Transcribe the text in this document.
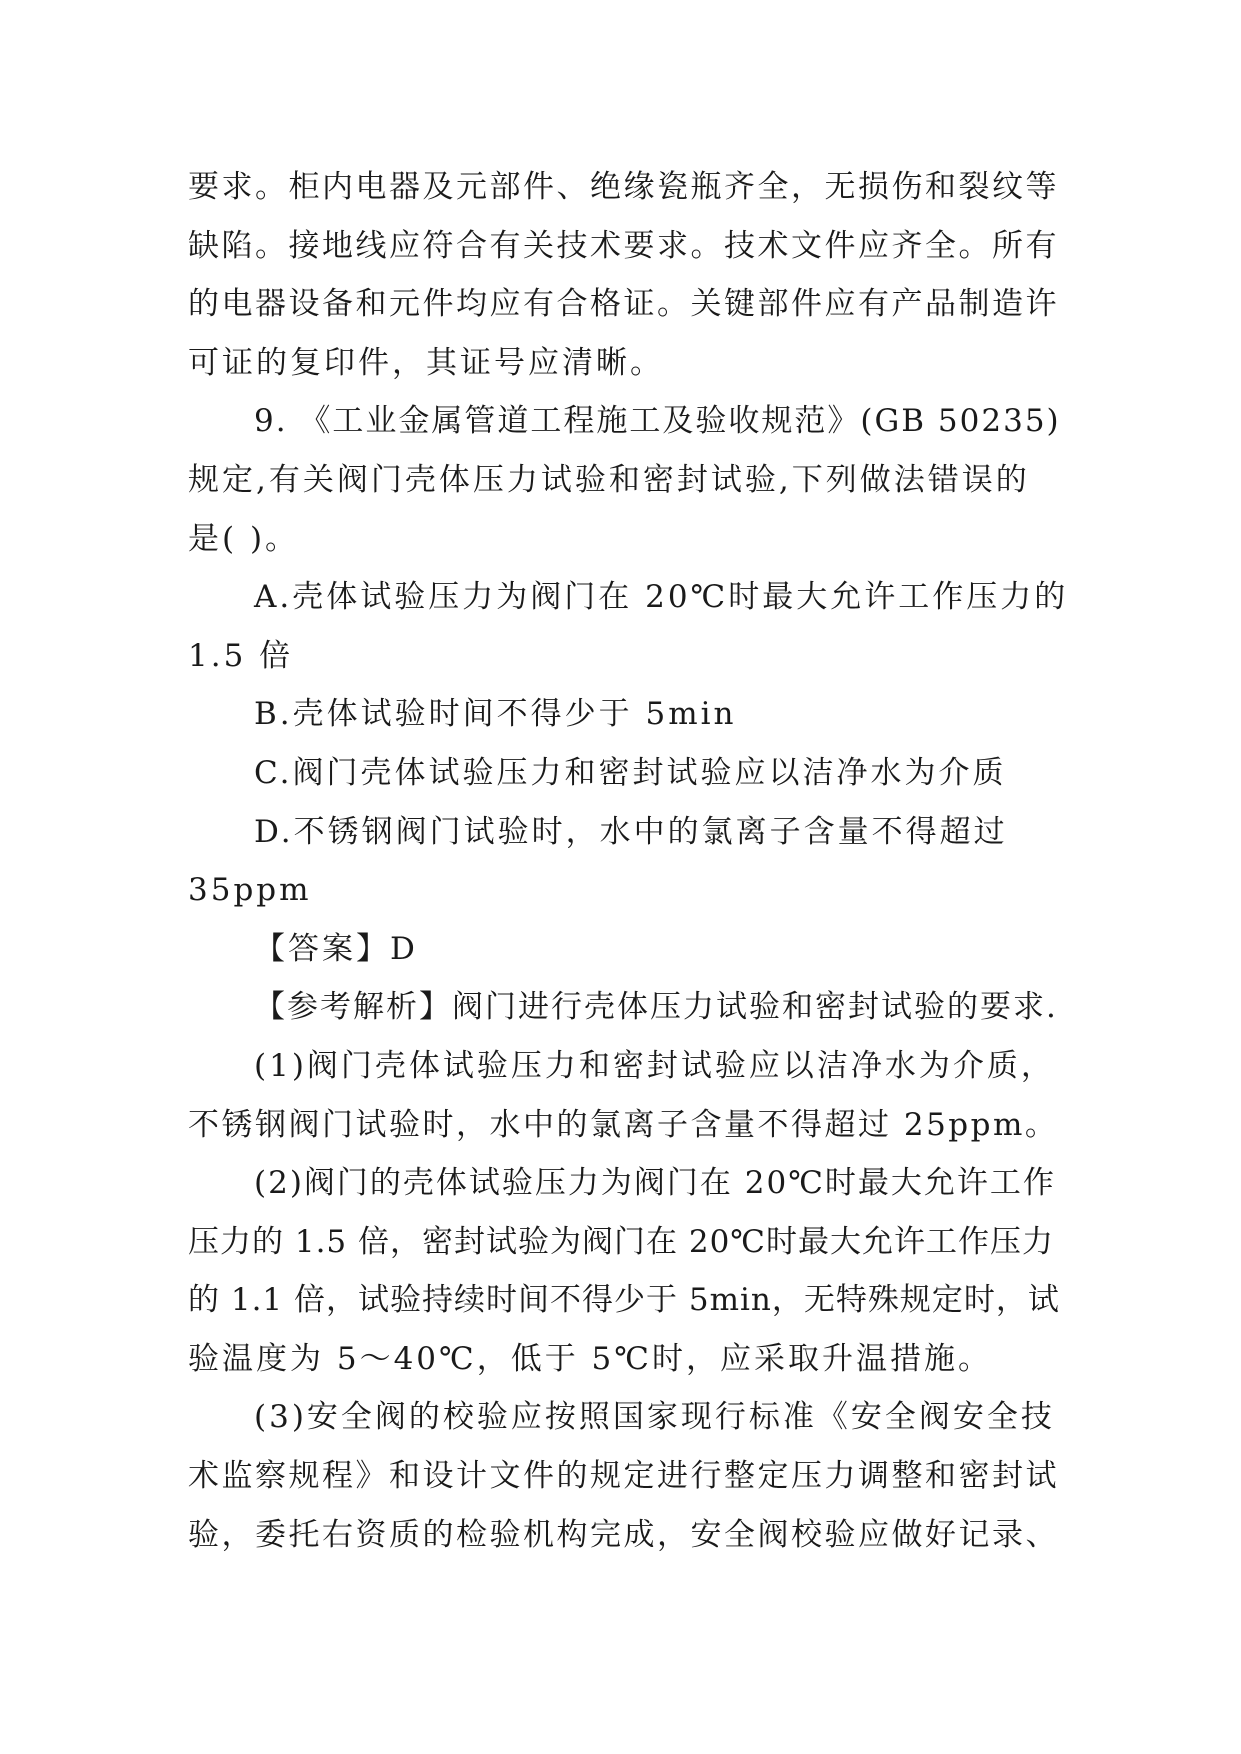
要求。柜内电器及元部件、绝缘瓷瓶齐全，无损伤和裂纹等
缺陷。接地线应符合有关技术要求。技术文件应齐全。所有
的电器设备和元件均应有合格证。关键部件应有产品制造许
可证的复印件，其证号应清晰。
9. 《工业金属管道工程施工及验收规范》(GB 50235)
规定,有关阀门壳体压力试验和密封试验,下列做法错误的
是( )。
A.壳体试验压力为阀门在 20℃时最大允许工作压力的
1.5 倍
B.壳体试验时间不得少于 5min
C.阀门壳体试验压力和密封试验应以洁净水为介质
D.不锈钢阀门试验时，水中的氯离子含量不得超过
35ppm
【答案】D
【参考解析】阀门进行壳体压力试验和密封试验的要求.
(1)阀门壳体试验压力和密封试验应以洁净水为介质，
不锈钢阀门试验时，水中的氯离子含量不得超过 25ppm。
(2)阀门的壳体试验压力为阀门在 20℃时最大允许工作
压力的 1.5 倍，密封试验为阀门在 20℃时最大允许工作压力
的 1.1 倍，试验持续时间不得少于 5min，无特殊规定时，试
验温度为 5～40℃，低于 5℃时，应采取升温措施。
(3)安全阀的校验应按照国家现行标准《安全阀安全技
术监察规程》和设计文件的规定进行整定压力调整和密封试
验，委托右资质的检验机构完成，安全阀校验应做好记录、
